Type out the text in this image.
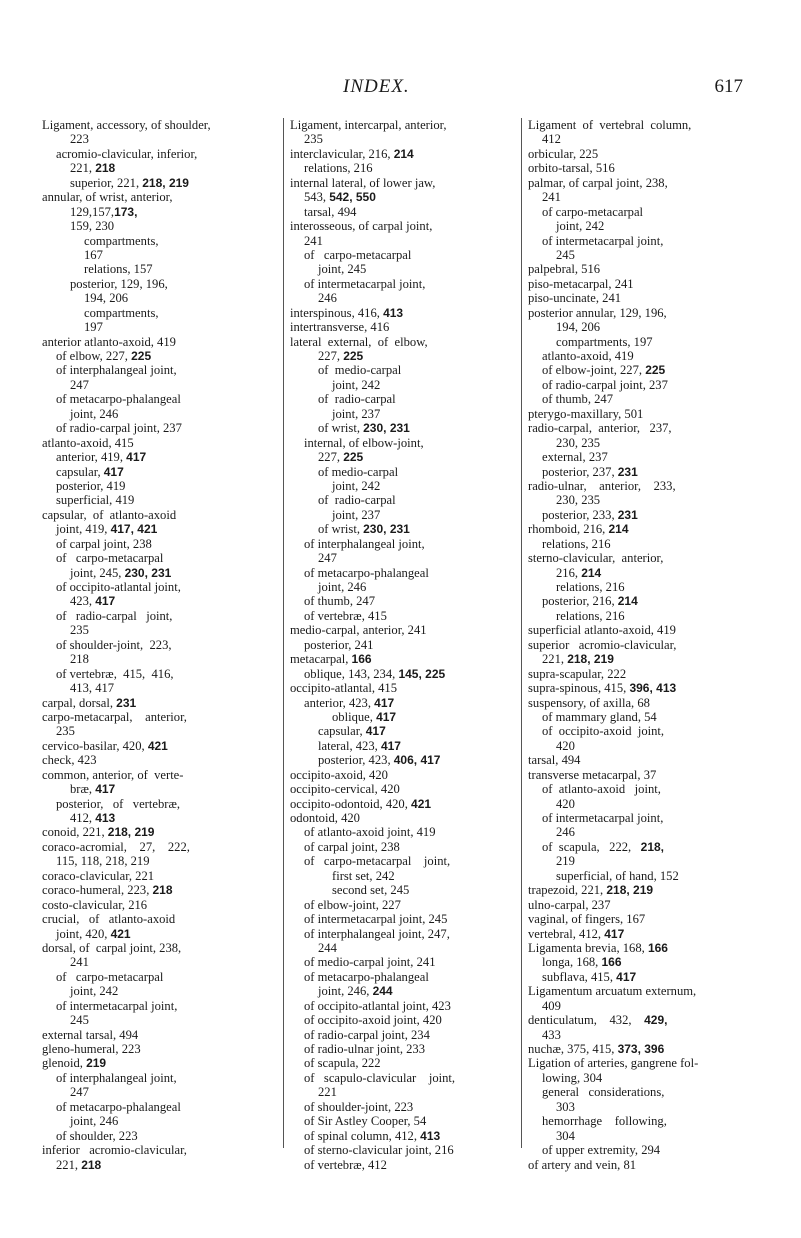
INDEX.	617
Ligament, accessory, of shoulder,
223
acromio-clavicular, inferior,
221, 218
superior, 221, 218, 219
annular, of wrist, anterior,
129,157,173,
159, 230
compartments,
167
relations, 157
posterior, 129, 196,
194, 206
compartments,
197
anterior atlanto-axoid, 419
of elbow, 227, 225
of interphalangeal joint,
247
of metacarpo-phalangeal
joint, 246
of radio-carpal joint, 237
atlanto-axoid, 415
anterior, 419, 417
capsular, 417
posterior, 419
superficial, 419
capsular,  of  atlanto-axoid
joint, 419, 417, 421
of carpal joint, 238
of   carpo-metacarpal
joint, 245, 230, 231
of occipito-atlantal joint,
423, 417
of   radio-carpal   joint,
235
of shoulder-joint,  223,
218
of vertebræ,  415,  416,
413, 417
carpal, dorsal, 231
carpo-metacarpal,    anterior,
235
cervico-basilar, 420, 421
check, 423
common, anterior, of  verte-
bræ, 417
posterior,   of   vertebræ,
412, 413
conoid, 221, 218, 219
coraco-acromial,    27,    222,
115, 118, 218, 219
coraco-clavicular, 221
coraco-humeral, 223, 218
costo-clavicular, 216
crucial,   of   atlanto-axoid
joint, 420, 421
dorsal, of  carpal joint, 238,
241
of   carpo-metacarpal
joint, 242
of intermetacarpal joint,
245
external tarsal, 494
gleno-humeral, 223
glenoid, 219
of interphalangeal joint,
247
of metacarpo-phalangeal
joint, 246
of shoulder, 223
inferior   acromio-clavicular,
221, 218
Ligament, intercarpal, anterior,
235
interclavicular, 216, 214
relations, 216
internal lateral, of lower jaw,
543, 542, 550
tarsal, 494
interosseous, of carpal joint,
241
of   carpo-metacarpal
joint, 245
of intermetacarpal joint,
246
interspinous, 416, 413
intertransverse, 416
lateral  external,  of  elbow,
227, 225
of  medio-carpal
joint, 242
of  radio-carpal
joint, 237
of wrist, 230, 231
internal, of elbow-joint,
227, 225
of medio-carpal
joint, 242
of  radio-carpal
joint, 237
of wrist, 230, 231
of interphalangeal joint,
247
of metacarpo-phalangeal
joint, 246
of thumb, 247
of vertebræ, 415
medio-carpal, anterior, 241
posterior, 241
metacarpal, 166
oblique, 143, 234, 145, 225
occipito-atlantal, 415
anterior, 423, 417
oblique, 417
capsular, 417
lateral, 423, 417
posterior, 423, 406, 417
occipito-axoid, 420
occipito-cervical, 420
occipito-odontoid, 420, 421
odontoid, 420
of atlanto-axoid joint, 419
of carpal joint, 238
of   carpo-metacarpal    joint,
first set, 242
second set, 245
of elbow-joint, 227
of intermetacarpal joint, 245
of interphalangeal joint, 247,
244
of medio-carpal joint, 241
of metacarpo-phalangeal
joint, 246, 244
of occipito-atlantal joint, 423
of occipito-axoid joint, 420
of radio-carpal joint, 234
of radio-ulnar joint, 233
of scapula, 222
of   scapulo-clavicular    joint,
221
of shoulder-joint, 223
of Sir Astley Cooper, 54
of spinal column, 412, 413
of sterno-clavicular joint, 216
of vertebræ, 412
Ligament  of  vertebral  column,
412
orbicular, 225
orbito-tarsal, 516
palmar, of carpal joint, 238,
241
of carpo-metacarpal
joint, 242
of intermetacarpal joint,
245
palpebral, 516
piso-metacarpal, 241
piso-uncinate, 241
posterior annular, 129, 196,
194, 206
compartments, 197
atlanto-axoid, 419
of elbow-joint, 227, 225
of radio-carpal joint, 237
of thumb, 247
pterygo-maxillary, 501
radio-carpal,  anterior,   237,
230, 235
external, 237
posterior, 237, 231
radio-ulnar,    anterior,    233,
230, 235
posterior, 233, 231
rhomboid, 216, 214
relations, 216
sterno-clavicular,  anterior,
216, 214
relations, 216
posterior, 216, 214
relations, 216
superficial atlanto-axoid, 419
superior   acromio-clavicular,
221, 218, 219
supra-scapular, 222
supra-spinous, 415, 396, 413
suspensory, of axilla, 68
of mammary gland, 54
of  occipito-axoid  joint,
420
tarsal, 494
transverse metacarpal, 37
of  atlanto-axoid   joint,
420
of intermetacarpal joint,
246
of  scapula,   222,   218,
219
superficial, of hand, 152
trapezoid, 221, 218, 219
ulno-carpal, 237
vaginal, of fingers, 167
vertebral, 412, 417
Ligamenta brevia, 168, 166
longa, 168, 166
subflava, 415, 417
Ligamentum arcuatum externum,
409
denticulatum,    432,    429,
433
nuchæ, 375, 415, 373, 396
Ligation of arteries, gangrene fol-
lowing, 304
general   considerations,
303
hemorrhage    following,
304
of upper extremity, 294
of artery and vein, 81
